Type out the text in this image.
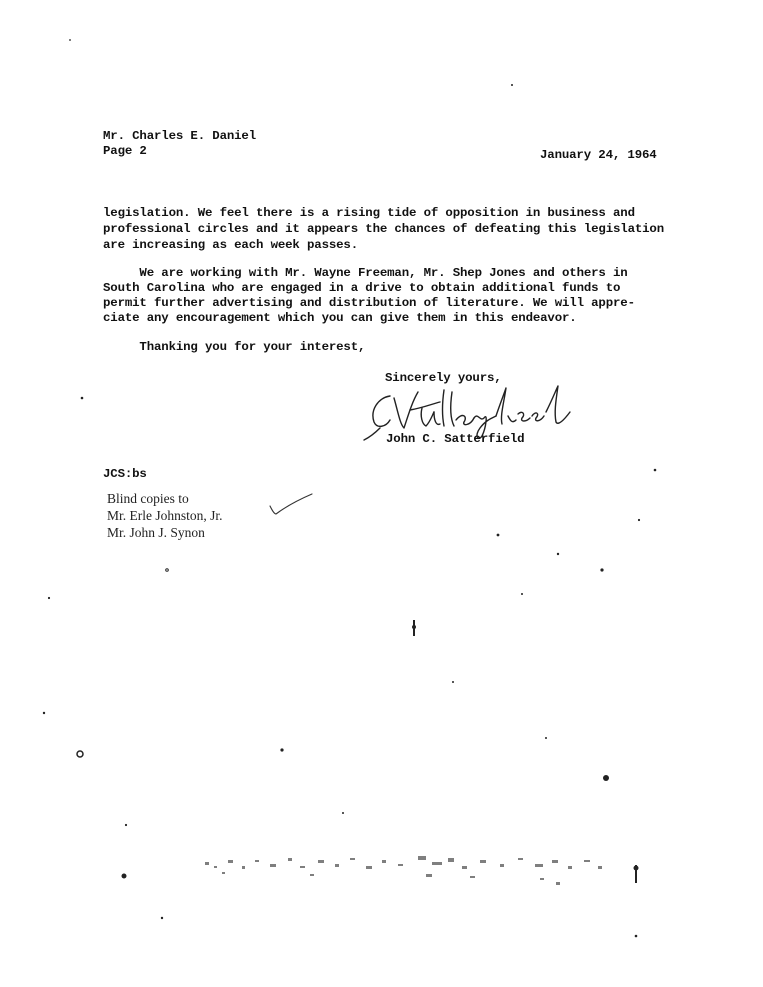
Mr. Charles E. Daniel
Page 2	January 24, 1964
legislation. We feel there is a rising tide of opposition in business and
professional circles and it appears the chances of defeating this legislation
are increasing as each week passes.
We are working with Mr. Wayne Freeman, Mr. Shep Jones and others in
South Carolina who are engaged in a drive to obtain additional funds to
permit further advertising and distribution of literature. We will appre-
ciate any encouragement which you can give them in this endeavor.
Thanking you for your interest,
Sincerely yours,
John C. Satterfield
JCS:bs
Blind copies to
Mr. Erle Johnston, Jr.
Mr. John J. Synon
